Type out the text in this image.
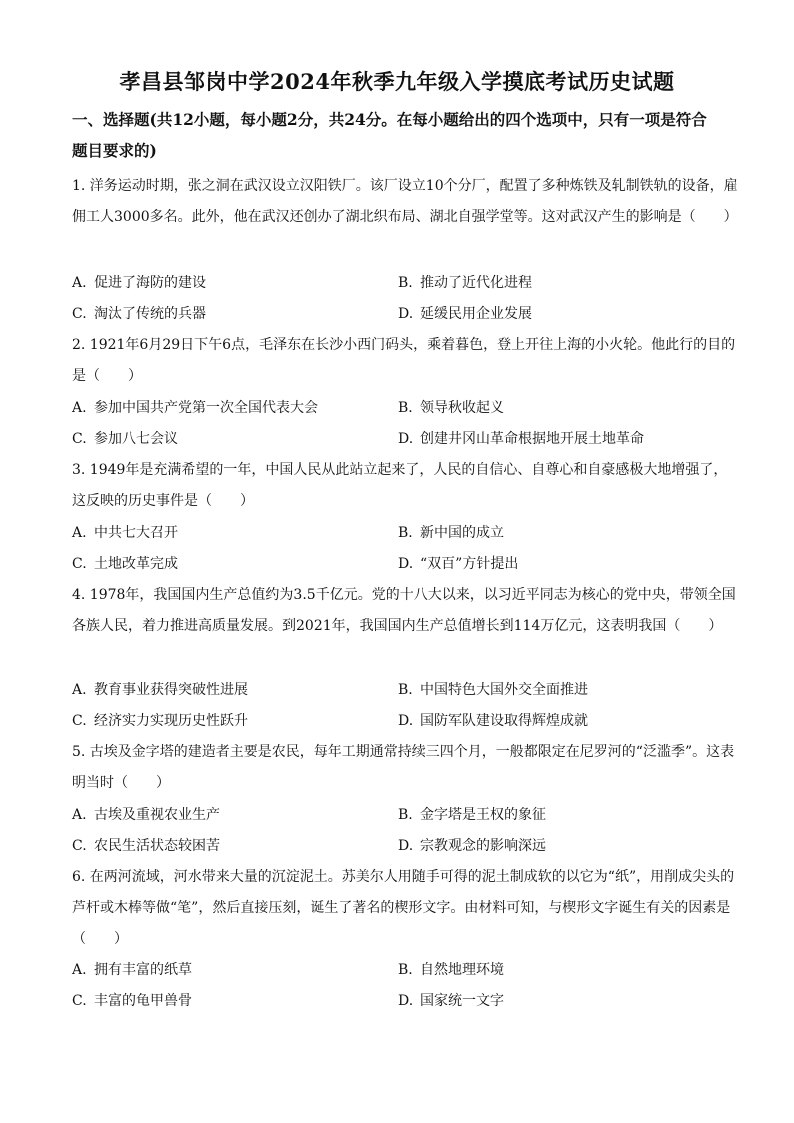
孝昌县邹岗中学2024年秋季九年级入学摸底考试历史试题
一、选择题(共12小题，每小题2分，共24分。在每小题给出的四个选项中，只有一项是符合题目要求的)
1. 洋务运动时期，张之洞在武汉设立汉阳铁厂。该厂设立10个分厂，配置了多种炼铁及轧制铁轨的设备，雇佣工人3000多名。此外，他在武汉还创办了湖北织布局、湖北自强学堂等。这对武汉产生的影响是（　　）
A. 促进了海防的建设	B. 推动了近代化进程
C. 淘汰了传统的兵器	D. 延缓民用企业发展
2. 1921年6月29日下午6点，毛泽东在长沙小西门码头，乘着暮色，登上开往上海的小火轮。他此行的目的是（　　）
A. 参加中国共产党第一次全国代表大会	B. 领导秋收起义
C. 参加八七会议	D. 创建井冈山革命根据地开展土地革命
3. 1949年是充满希望的一年，中国人民从此站立起来了，人民的自信心、自尊心和自豪感极大地增强了，这反映的历史事件是（　　）
A. 中共七大召开	B. 新中国的成立
C. 土地改革完成	D. “双百”方针提出
4. 1978年，我国国内生产总值约为3.5千亿元。党的十八大以来，以习近平同志为核心的党中央，带领全国各族人民，着力推进高质量发展。到2021年，我国国内生产总值增长到114万亿元，这表明我国（　　）
A. 教育事业获得突破性进展	B. 中国特色大国外交全面推进
C. 经济实力实现历史性跃升	D. 国防军队建设取得辉煌成就
5. 古埃及金字塔的建造者主要是农民，每年工期通常持续三四个月，一般都限定在尼罗河的“泛滥季”。这表明当时（　　）
A. 古埃及重视农业生产	B. 金字塔是王权的象征
C. 农民生活状态较困苦	D. 宗教观念的影响深远
6. 在两河流域，河水带来大量的沉淀泥土。苏美尔人用随手可得的泥土制成软的以它为“纸”，用削成尖头的芦杆或木棒等做“笔”，然后直接压刻，诞生了著名的楔形文字。由材料可知，与楔形文字诞生有关的因素是（　　）
A. 拥有丰富的纸草	B. 自然地理环境
C. 丰富的龟甲兽骨	D. 国家统一文字
